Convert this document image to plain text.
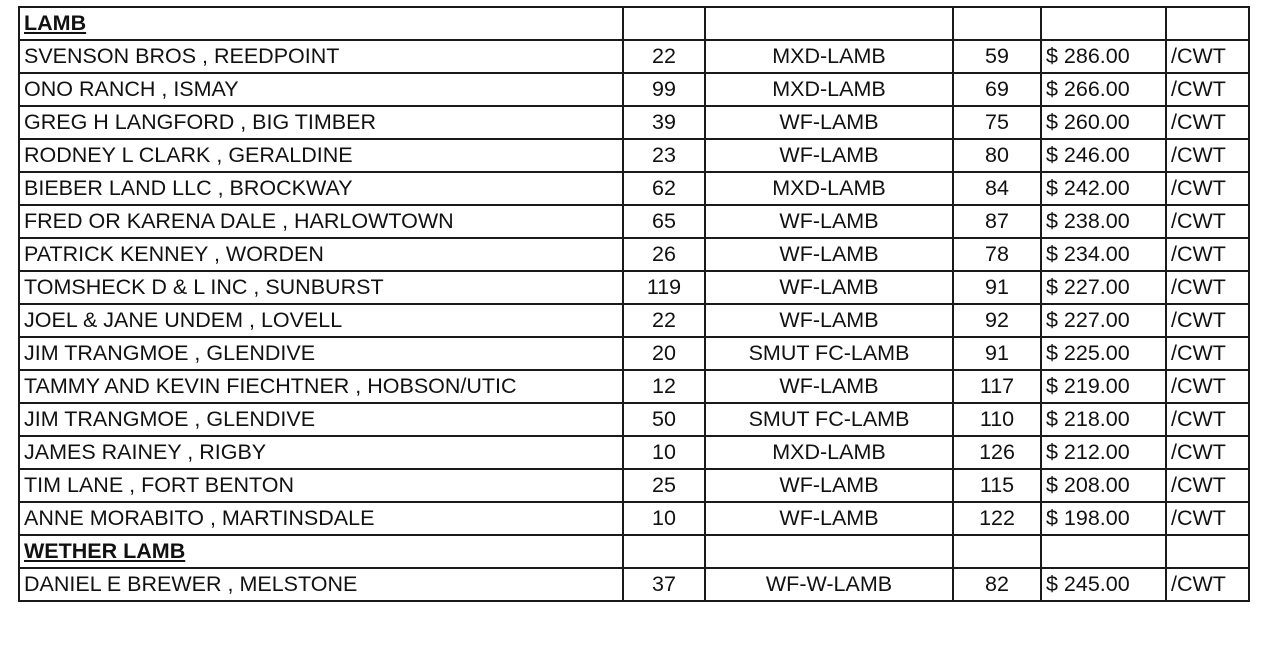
LAMB					
SVENSON BROS , REEDPOINT	22	MXD-LAMB	59	$ 286.00	/CWT
ONO RANCH , ISMAY	99	MXD-LAMB	69	$ 266.00	/CWT
GREG H LANGFORD , BIG TIMBER	39	WF-LAMB	75	$ 260.00	/CWT
RODNEY L CLARK , GERALDINE	23	WF-LAMB	80	$ 246.00	/CWT
BIEBER LAND LLC , BROCKWAY	62	MXD-LAMB	84	$ 242.00	/CWT
FRED OR KARENA DALE , HARLOWTOWN	65	WF-LAMB	87	$ 238.00	/CWT
PATRICK KENNEY , WORDEN	26	WF-LAMB	78	$ 234.00	/CWT
TOMSHECK D & L INC , SUNBURST	119	WF-LAMB	91	$ 227.00	/CWT
JOEL & JANE UNDEM , LOVELL	22	WF-LAMB	92	$ 227.00	/CWT
JIM TRANGMOE , GLENDIVE	20	SMUT FC-LAMB	91	$ 225.00	/CWT
TAMMY AND KEVIN FIECHTNER , HOBSON/UTIC	12	WF-LAMB	117	$ 219.00	/CWT
JIM TRANGMOE , GLENDIVE	50	SMUT FC-LAMB	110	$ 218.00	/CWT
JAMES RAINEY , RIGBY	10	MXD-LAMB	126	$ 212.00	/CWT
TIM LANE , FORT BENTON	25	WF-LAMB	115	$ 208.00	/CWT
ANNE MORABITO , MARTINSDALE	10	WF-LAMB	122	$ 198.00	/CWT
WETHER LAMB					
DANIEL E BREWER , MELSTONE	37	WF-W-LAMB	82	$ 245.00	/CWT
